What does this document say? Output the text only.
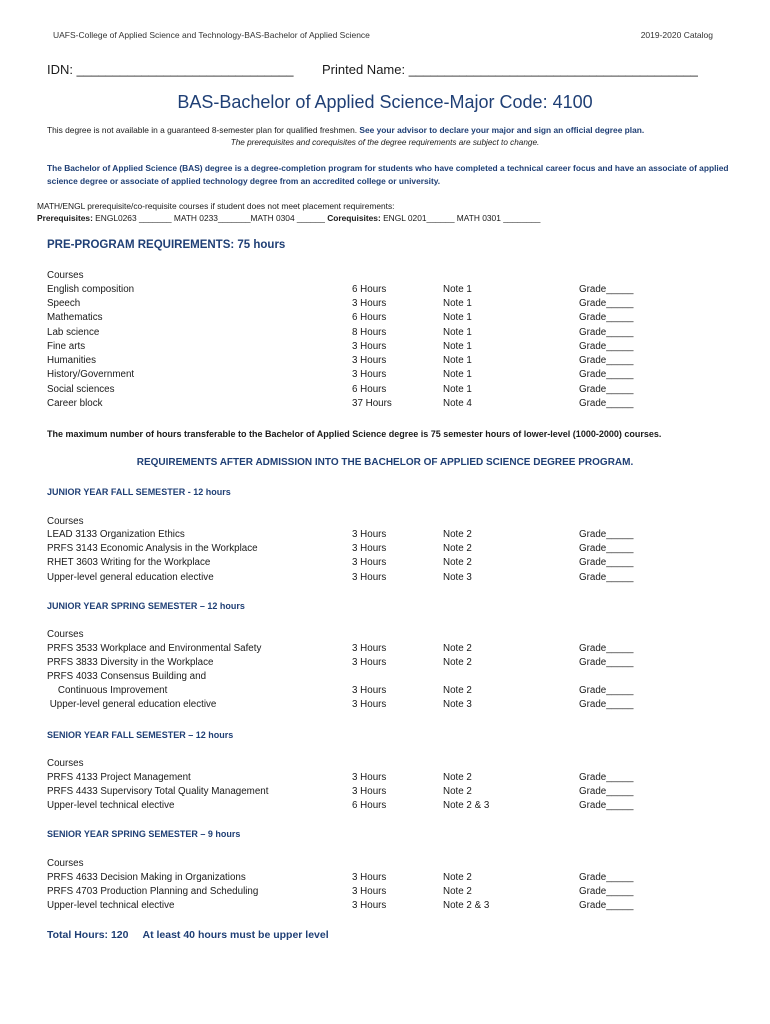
UAFS-College of Applied Science and Technology-BAS-Bachelor of Applied Science	2019-2020 Catalog
IDN: ______________________________ Printed Name: ________________________________________
BAS-Bachelor of Applied Science-Major Code: 4100
This degree is not available in a guaranteed 8-semester plan for qualified freshmen. See your advisor to declare your major and sign an official degree plan.
The prerequisites and corequisites of the degree requirements are subject to change.
The Bachelor of Applied Science (BAS) degree is a degree-completion program for students who have completed a technical career focus and have an associate of applied science degree or associate of applied technology degree from an accredited college or university.
MATH/ENGL prerequisite/co-requisite courses if student does not meet placement requirements:
Prerequisites: ENGL0263 _______ MATH 0233_______MATH 0304 ______ Corequisites: ENGL 0201______ MATH 0301 ________
PRE-PROGRAM REQUIREMENTS: 75 hours
Courses
English composition	6 Hours	Note 1	Grade_____
Speech	3 Hours	Note 1	Grade_____
Mathematics	6 Hours	Note 1	Grade_____
Lab science	8 Hours	Note 1	Grade_____
Fine arts	3 Hours	Note 1	Grade_____
Humanities	3 Hours	Note 1	Grade_____
History/Government	3 Hours	Note 1	Grade_____
Social sciences	6 Hours	Note 1	Grade_____
Career block	37 Hours	Note 4	Grade_____
The maximum number of hours transferable to the Bachelor of Applied Science degree is 75 semester hours of lower-level (1000-2000) courses.
REQUIREMENTS AFTER ADMISSION INTO THE BACHELOR OF APPLIED SCIENCE DEGREE PROGRAM.
JUNIOR YEAR FALL SEMESTER - 12 hours
Courses
LEAD 3133 Organization Ethics	3 Hours	Note 2	Grade_____
PRFS 3143 Economic Analysis in the Workplace	3 Hours	Note 2	Grade_____
RHET 3603 Writing for the Workplace	3 Hours	Note 2	Grade_____
Upper-level general education elective	3 Hours	Note 3	Grade_____
JUNIOR YEAR SPRING SEMESTER – 12 hours
Courses
PRFS 3533 Workplace and Environmental Safety	3 Hours	Note 2	Grade_____
PRFS 3833 Diversity in the Workplace	3 Hours	Note 2	Grade_____
PRFS 4033 Consensus Building and
Continuous Improvement	3 Hours	Note 2	Grade_____
Upper-level general education elective	3 Hours	Note 3	Grade_____
SENIOR YEAR FALL SEMESTER – 12 hours
Courses
PRFS 4133 Project Management	3 Hours	Note 2	Grade_____
PRFS 4433 Supervisory Total Quality Management	3 Hours	Note 2	Grade_____
Upper-level technical elective	6 Hours	Note 2 & 3	Grade_____
SENIOR YEAR SPRING SEMESTER – 9 hours
Courses
PRFS 4633 Decision Making in Organizations	3 Hours	Note 2	Grade_____
PRFS 4703 Production Planning and Scheduling	3 Hours	Note 2	Grade_____
Upper-level technical elective	3 Hours	Note 2 & 3	Grade_____
Total Hours: 120 At least 40 hours must be upper level
